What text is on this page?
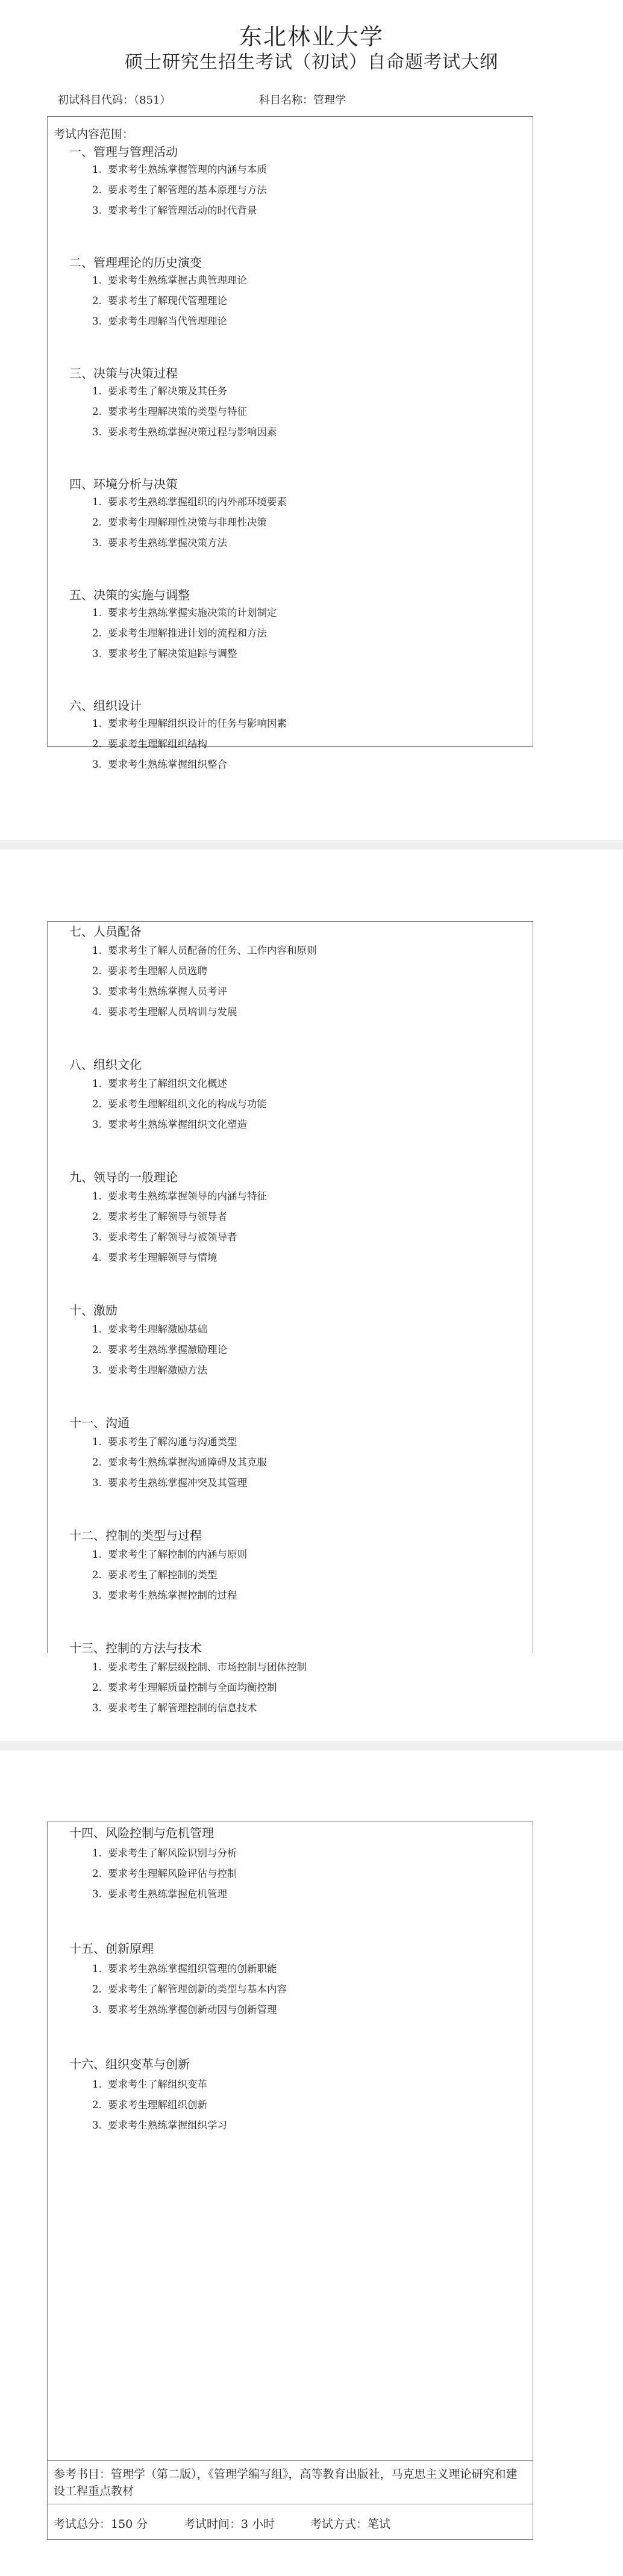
东北林业大学
硕士研究生招生考试（初试）自命题考试大纲
初试科目代码：（851）	科目名称：管理学
考试内容范围：
一、管理与管理活动
1. 要求考生熟练掌握管理的内涵与本质
2. 要求考生了解管理的基本原理与方法
3. 要求考生了解管理活动的时代背景
二、管理理论的历史演变
1. 要求考生熟练掌握古典管理理论
2. 要求考生了解现代管理理论
3. 要求考生理解当代管理理论
三、决策与决策过程
1. 要求考生了解决策及其任务
2. 要求考生理解决策的类型与特征
3. 要求考生熟练掌握决策过程与影响因素
四、环境分析与决策
1. 要求考生熟练掌握组织的内外部环境要素
2. 要求考生理解理性决策与非理性决策
3. 要求考生熟练掌握决策方法
五、决策的实施与调整
1. 要求考生熟练掌握实施决策的计划制定
2. 要求考生理解推进计划的流程和方法
3. 要求考生了解决策追踪与调整
六、组织设计
1. 要求考生理解组织设计的任务与影响因素
2. 要求考生理解组织结构
3. 要求考生熟练掌握组织整合
七、人员配备
1. 要求考生了解人员配备的任务、工作内容和原则
2. 要求考生理解人员选聘
3. 要求考生熟练掌握人员考评
4. 要求考生理解人员培训与发展
八、组织文化
1. 要求考生了解组织文化概述
2. 要求考生理解组织文化的构成与功能
3. 要求考生熟练掌握组织文化塑造
九、领导的一般理论
1. 要求考生熟练掌握领导的内涵与特征
2. 要求考生了解领导与领导者
3. 要求考生了解领导与被领导者
4. 要求考生理解领导与情境
十、激励
1. 要求考生理解激励基础
2. 要求考生熟练掌握激励理论
3. 要求考生理解激励方法
十一、沟通
1. 要求考生了解沟通与沟通类型
2. 要求考生熟练掌握沟通障碍及其克服
3. 要求考生熟练掌握冲突及其管理
十二、控制的类型与过程
1. 要求考生了解控制的内涵与原则
2. 要求考生了解控制的类型
3. 要求考生熟练掌握控制的过程
十三、控制的方法与技术
1. 要求考生了解层级控制、市场控制与团体控制
2. 要求考生理解质量控制与全面均衡控制
3. 要求考生了解管理控制的信息技术
参考书目：管理学（第二版），《管理学编写组》，高等教育出版社，马克思主义理论研究和建设工程重点教材
考试总分：150 分	考试时间：3 小时	考试方式：笔试
十四、风险控制与危机管理
1. 要求考生了解风险识别与分析
2. 要求考生理解风险评估与控制
3. 要求考生熟练掌握危机管理
十五、创新原理
1. 要求考生熟练掌握组织管理的创新职能
2. 要求考生了解管理创新的类型与基本内容
3. 要求考生熟练掌握创新动因与创新管理
十六、组织变革与创新
1. 要求考生了解组织变革
2. 要求考生理解组织创新
3. 要求考生熟练掌握组织学习
